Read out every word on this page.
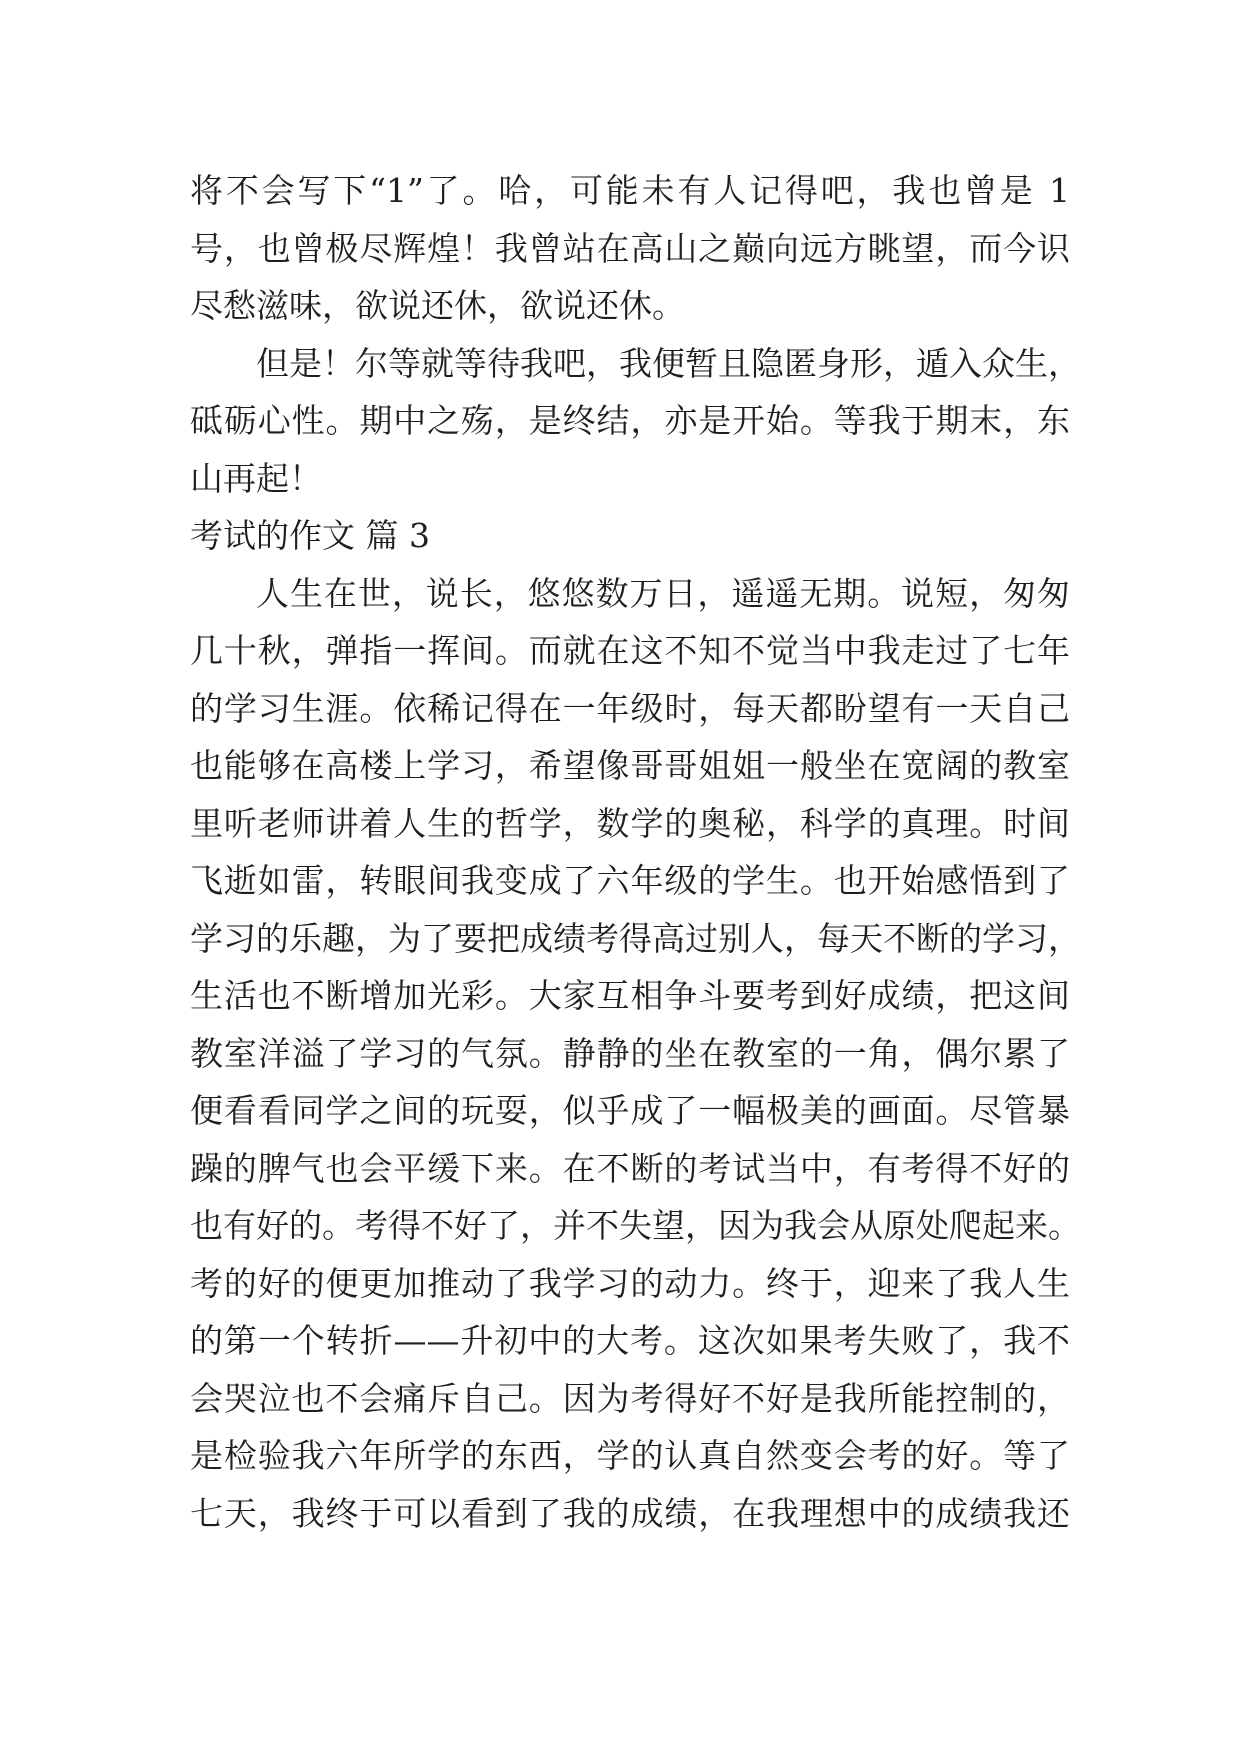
将不会写下“1”了。哈，可能未有人记得吧，我也曾是 1
号，也曾极尽辉煌！我曾站在高山之巅向远方眺望，而今识
尽愁滋味，欲说还休，欲说还休。
但是！尔等就等待我吧，我便暂且隐匿身形，遁入众生，
砥砺心性。期中之殇，是终结，亦是开始。等我于期末，东
山再起！
考试的作文 篇 3
人生在世，说长，悠悠数万日，遥遥无期。说短，匆匆
几十秋，弹指一挥间。而就在这不知不觉当中我走过了七年
的学习生涯。依稀记得在一年级时，每天都盼望有一天自己
也能够在高楼上学习，希望像哥哥姐姐一般坐在宽阔的教室
里听老师讲着人生的哲学，数学的奥秘，科学的真理。时间
飞逝如雷，转眼间我变成了六年级的学生。也开始感悟到了
学习的乐趣，为了要把成绩考得高过别人，每天不断的学习，
生活也不断增加光彩。大家互相争斗要考到好成绩，把这间
教室洋溢了学习的气氛。静静的坐在教室的一角，偶尔累了
便看看同学之间的玩耍，似乎成了一幅极美的画面。尽管暴
躁的脾气也会平缓下来。在不断的考试当中，有考得不好的
也有好的。考得不好了，并不失望，因为我会从原处爬起来。
考的好的便更加推动了我学习的动力。终于，迎来了我人生
的第一个转折——升初中的大考。这次如果考失败了，我不
会哭泣也不会痛斥自己。因为考得好不好是我所能控制的，
是检验我六年所学的东西，学的认真自然变会考的好。等了
七天，我终于可以看到了我的成绩，在我理想中的成绩我还
